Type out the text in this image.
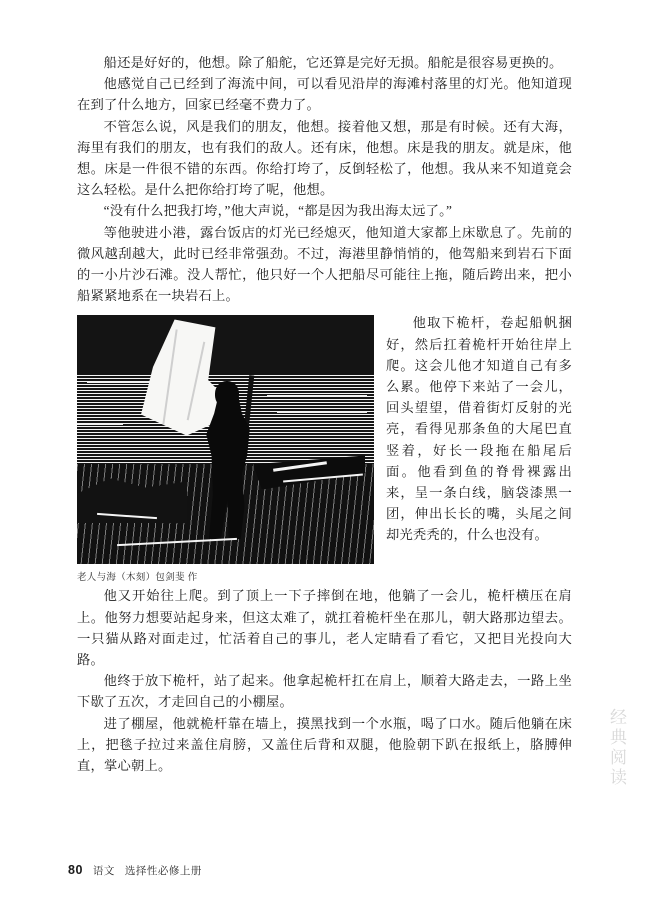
船还是好好的，他想。除了船舵，它还算是完好无损。船舵是很容易更换的。

他感觉自己已经到了海流中间，可以看见沿岸的海滩村落里的灯光。他知道现在到了什么地方，回家已经毫不费力了。

不管怎么说，风是我们的朋友，他想。接着他又想，那是有时候。还有大海，海里有我们的朋友，也有我们的敌人。还有床，他想。床是我的朋友。就是床，他想。床是一件很不错的东西。你给打垮了，反倒轻松了，他想。我从来不知道竟会这么轻松。是什么把你给打垮了呢，他想。

“没有什么把我打垮，”他大声说，“都是因为我出海太远了。”

等他驶进小港，露台饭店的灯光已经熄灭，他知道大家都上床歇息了。先前的微风越刮越大，此时已经非常强劲。不过，海港里静悄悄的，他驾船来到岩石下面的一小片沙石滩。没人帮忙，他只好一个人把船尽可能往上拖，随后跨出来，把小船紧紧地系在一块岩石上。

老人与海（木刻）包剑斐 作

他取下桅杆，卷起船帆捆好，然后扛着桅杆开始往岸上爬。这会儿他才知道自己有多么累。他停下来站了一会儿，回头望望，借着街灯反射的光亮，看得见那条鱼的大尾巴直竖着，好长一段拖在船尾后面。他看到鱼的脊骨裸露出来，呈一条白线，脑袋漆黑一团，伸出长长的嘴，头尾之间却光秃秃的，什么也没有。

他又开始往上爬。到了顶上一下子摔倒在地，他躺了一会儿，桅杆横压在肩上。他努力想要站起身来，但这太难了，就扛着桅杆坐在那儿，朝大路那边望去。一只猫从路对面走过，忙活着自己的事儿，老人定睛看了看它，又把目光投向大路。

他终于放下桅杆，站了起来。他拿起桅杆扛在肩上，顺着大路走去，一路上坐下歇了五次，才走回自己的小棚屋。

进了棚屋，他就桅杆靠在墙上，摸黑找到一个水瓶，喝了口水。随后他躺在床上，把毯子拉过来盖住肩膀，又盖住后背和双腿，他脸朝下趴在报纸上，胳膊伸直，掌心朝上。	经典阅读
80 语文 选择性必修上册
